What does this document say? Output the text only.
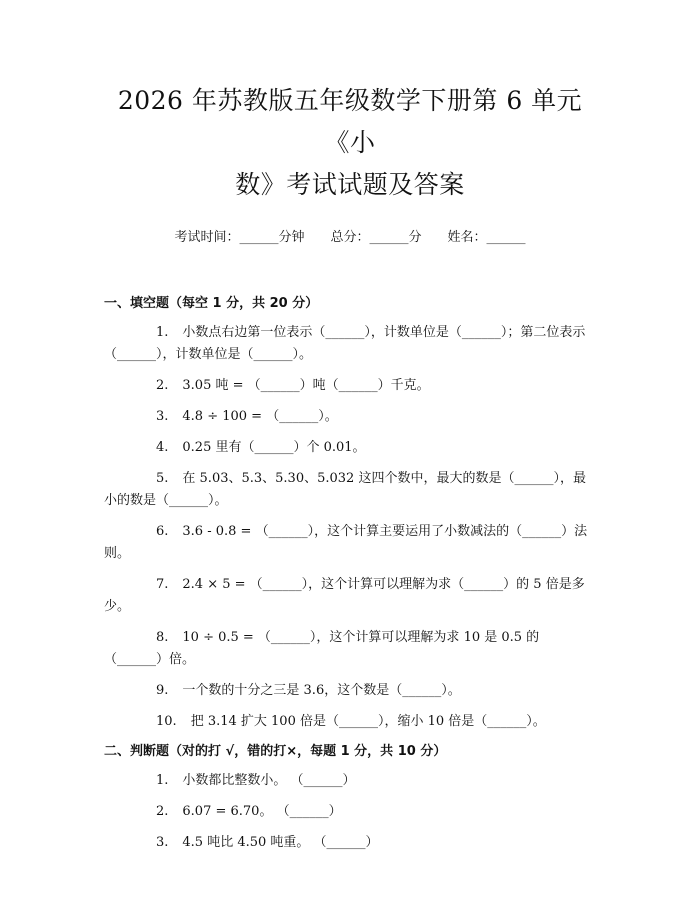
2026 年苏教版五年级数学下册第 6 单元《小
数》考试试题及答案
考试时间：______分钟 总分：______分 姓名：______

一、填空题（每空 1 分，共 20 分）

1. 小数点右边第一位表示（______），计数单位是（______）；第二位表示（______），计数单位是（______）。

2. 3.05 吨 = （______）吨（______）千克。

3. 4.8 ÷ 100 = （______）。

4. 0.25 里有（______）个 0.01。

5. 在 5.03、5.3、5.30、5.032 这四个数中，最大的数是（______），最小的数是（______）。

6. 3.6 - 0.8 = （______），这个计算主要运用了小数减法的（______）法则。

7. 2.4 × 5 = （______），这个计算可以理解为求（______）的 5 倍是多少。

8. 10 ÷ 0.5 = （______），这个计算可以理解为求 10 是 0.5 的（______）倍。

9. 一个数的十分之三是 3.6，这个数是（______）。

10. 把 3.14 扩大 100 倍是（______），缩小 10 倍是（______）。

二、判断题（对的打 √，错的打×，每题 1 分，共 10 分）

1. 小数都比整数小。 （______）

2. 6.07 = 6.70。 （______）

3. 4.5 吨比 4.50 吨重。 （______）
